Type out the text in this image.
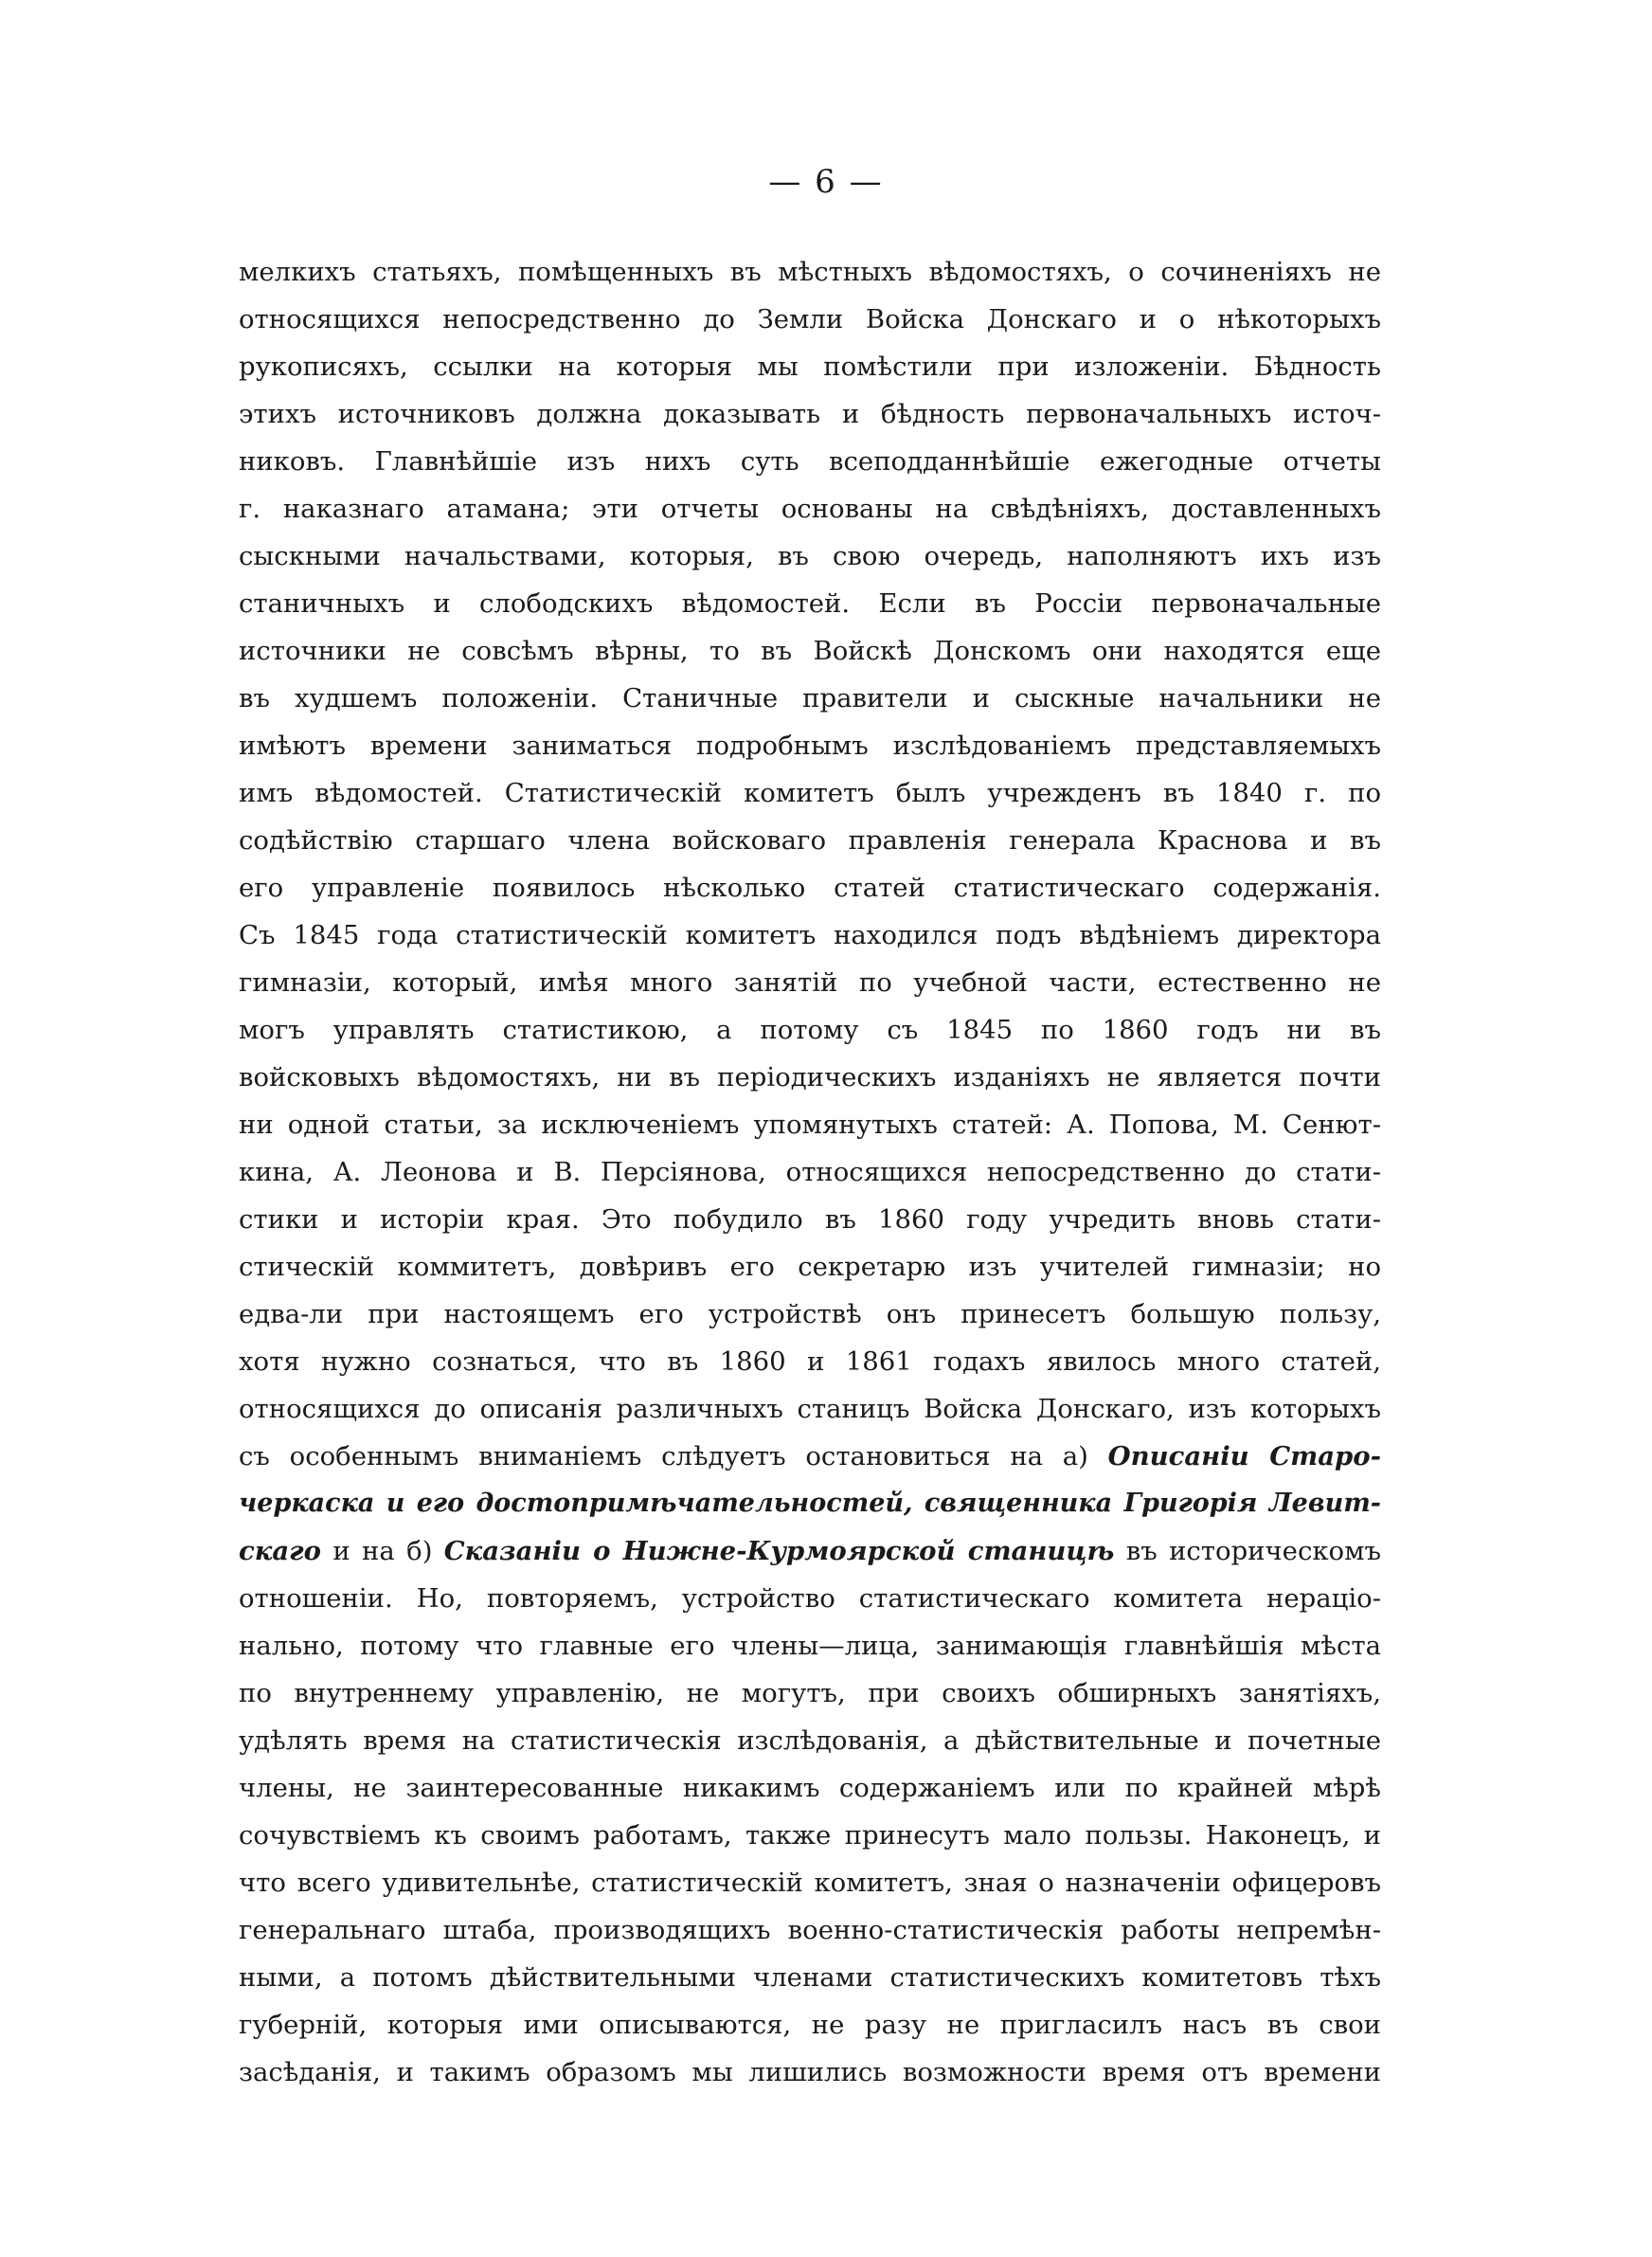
— 6 —
мелкихъ статьяхъ, помѣщенныхъ въ мѣстныхъ вѣдомостяхъ, о сочиненіяхъ не
относящихся непосредственно до Земли Войска Донскаго и о нѣкоторыхъ
рукописяхъ, ссылки на которыя мы помѣстили при изложеніи. Бѣдность
этихъ источниковъ должна доказывать и бѣдность первоначальныхъ источ-
никовъ. Главнѣйшіе изъ нихъ суть всеподданнѣйшіе ежегодные отчеты
г. наказнаго атамана; эти отчеты основаны на свѣдѣніяхъ, доставленныхъ
сыскными начальствами, которыя, въ свою очередь, наполняютъ ихъ изъ
станичныхъ и слободскихъ вѣдомостей. Если въ Россіи первоначальные
источники не совсѣмъ вѣрны, то въ Войскѣ Донскомъ они находятся еще
въ худшемъ положеніи. Станичные правители и сыскные начальники не
имѣютъ времени заниматься подробнымъ изслѣдованіемъ представляемыхъ
имъ вѣдомостей. Статистическій комитетъ былъ учрежденъ въ 1840 г. по
содѣйствію старшаго члена войсковаго правленія генерала Краснова и въ
его управленіе появилось нѣсколько статей статистическаго содержанія.
Съ 1845 года статистическій комитетъ находился подъ вѣдѣніемъ директора
гимназіи, который, имѣя много занятій по учебной части, естественно не
могъ управлять статистикою, а потому съ 1845 по 1860 годъ ни въ
войсковыхъ вѣдомостяхъ, ни въ періодическихъ изданіяхъ не является почти
ни одной статьи, за исключеніемъ упомянутыхъ статей: А. Попова, М. Сенют-
кина, А. Леонова и В. Персіянова, относящихся непосредственно до стати-
стики и исторіи края. Это побудило въ 1860 году учредить вновь стати-
стическій коммитетъ, довѣривъ его секретарю изъ учителей гимназіи; но
едва-ли при настоящемъ его устройствѣ онъ принесетъ большую пользу,
хотя нужно сознаться, что въ 1860 и 1861 годахъ явилось много статей,
относящихся до описанія различныхъ станицъ Войска Донскаго, изъ которыхъ
съ особеннымъ вниманіемъ слѣдуетъ остановиться на а) Описаніи Старо-
черкаска и его достопримѣчательностей, священника Григорія Левит-
скаго и на б) Сказаніи о Нижне-Курмоярской станицѣ въ историческомъ
отношеніи. Но, повторяемъ, устройство статистическаго комитета нераціо-
нально, потому что главные его члены—лица, занимающія главнѣйшія мѣста
по внутреннему управленію, не могутъ, при своихъ обширныхъ занятіяхъ,
удѣлять время на статистическія изслѣдованія, а дѣйствительные и почетные
члены, не заинтересованные никакимъ содержаніемъ или по крайней мѣрѣ
сочувствіемъ къ своимъ работамъ, также принесутъ мало пользы. Наконецъ, и
что всего удивительнѣе, статистическій комитетъ, зная о назначеніи офицеровъ
генеральнаго штаба, производящихъ военно-статистическія работы непремѣн-
ными, а потомъ дѣйствительными членами статистическихъ комитетовъ тѣхъ
губерній, которыя ими описываются, не разу не пригласилъ насъ въ свои
засѣданія, и такимъ образомъ мы лишились возможности время отъ времени
